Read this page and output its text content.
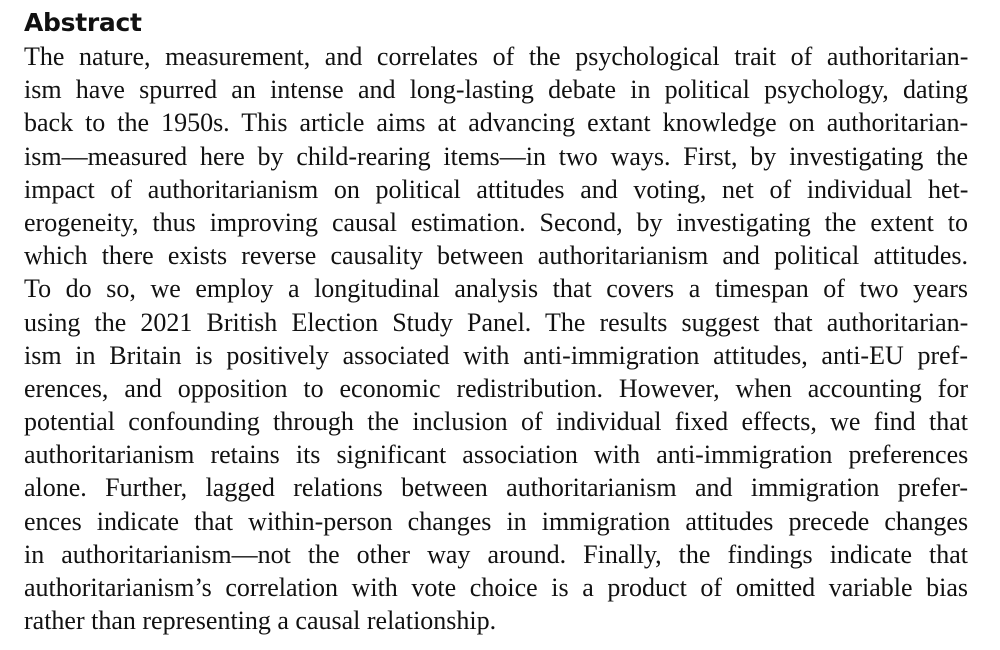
Abstract
The nature, measurement, and correlates of the psychological trait of authoritarian-
ism have spurred an intense and long-lasting debate in political psychology, dating
back to the 1950s. This article aims at advancing extant knowledge on authoritarian-
ism—measured here by child-rearing items—in two ways. First, by investigating the
impact of authoritarianism on political attitudes and voting, net of individual het-
erogeneity, thus improving causal estimation. Second, by investigating the extent to
which there exists reverse causality between authoritarianism and political attitudes.
To do so, we employ a longitudinal analysis that covers a timespan of two years
using the 2021 British Election Study Panel. The results suggest that authoritarian-
ism in Britain is positively associated with anti-immigration attitudes, anti-EU pref-
erences, and opposition to economic redistribution. However, when accounting for
potential confounding through the inclusion of individual fixed effects, we find that
authoritarianism retains its significant association with anti-immigration preferences
alone. Further, lagged relations between authoritarianism and immigration prefer-
ences indicate that within-person changes in immigration attitudes precede changes
in authoritarianism—not the other way around. Finally, the findings indicate that
authoritarianism’s correlation with vote choice is a product of omitted variable bias
rather than representing a causal relationship.
